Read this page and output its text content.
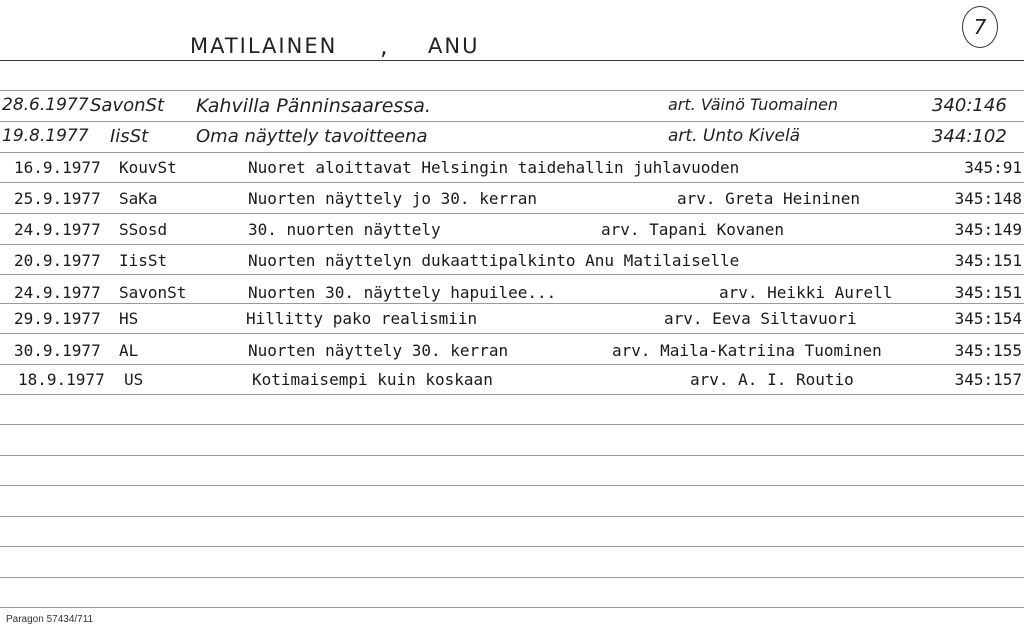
MATILAINEN , ANU
7
28.6.1977 SavonSt Kahvilla Pänninsaaressa.	art. Väinö Tuomainen	340:146
19.8.1977 IisSt	Oma näyttely tavoitteena	art. Unto Kivelä	344:102
16.9.1977 KouvSt	Nuoret aloittavat Helsingin taidehallin juhlavuoden	345:91
25.9.1977 SaKa	Nuorten näyttely jo 30. kerran	arv. Greta Heininen	345:148
24.9.1977 SSosd	30. nuorten näyttely	arv. Tapani Kovanen	345:149
20.9.1977 IisSt	Nuorten näyttelyn dukaattipalkinto Anu Matilaiselle	345:151
24.9.1977 SavonSt	Nuorten 30. näyttely hapuilee...	arv. Heikki Aurell	345:151
29.9.1977 HS	Hillitty pako realismiin	arv. Eeva Siltavuori	345:154
30.9.1977 AL	Nuorten näyttely 30. kerran	arv. Maila-Katriina Tuominen	345:155
18.9.1977 US	Kotimaisempi kuin koskaan	arv. A. I. Routio	345:157
Paragon 57434/711
